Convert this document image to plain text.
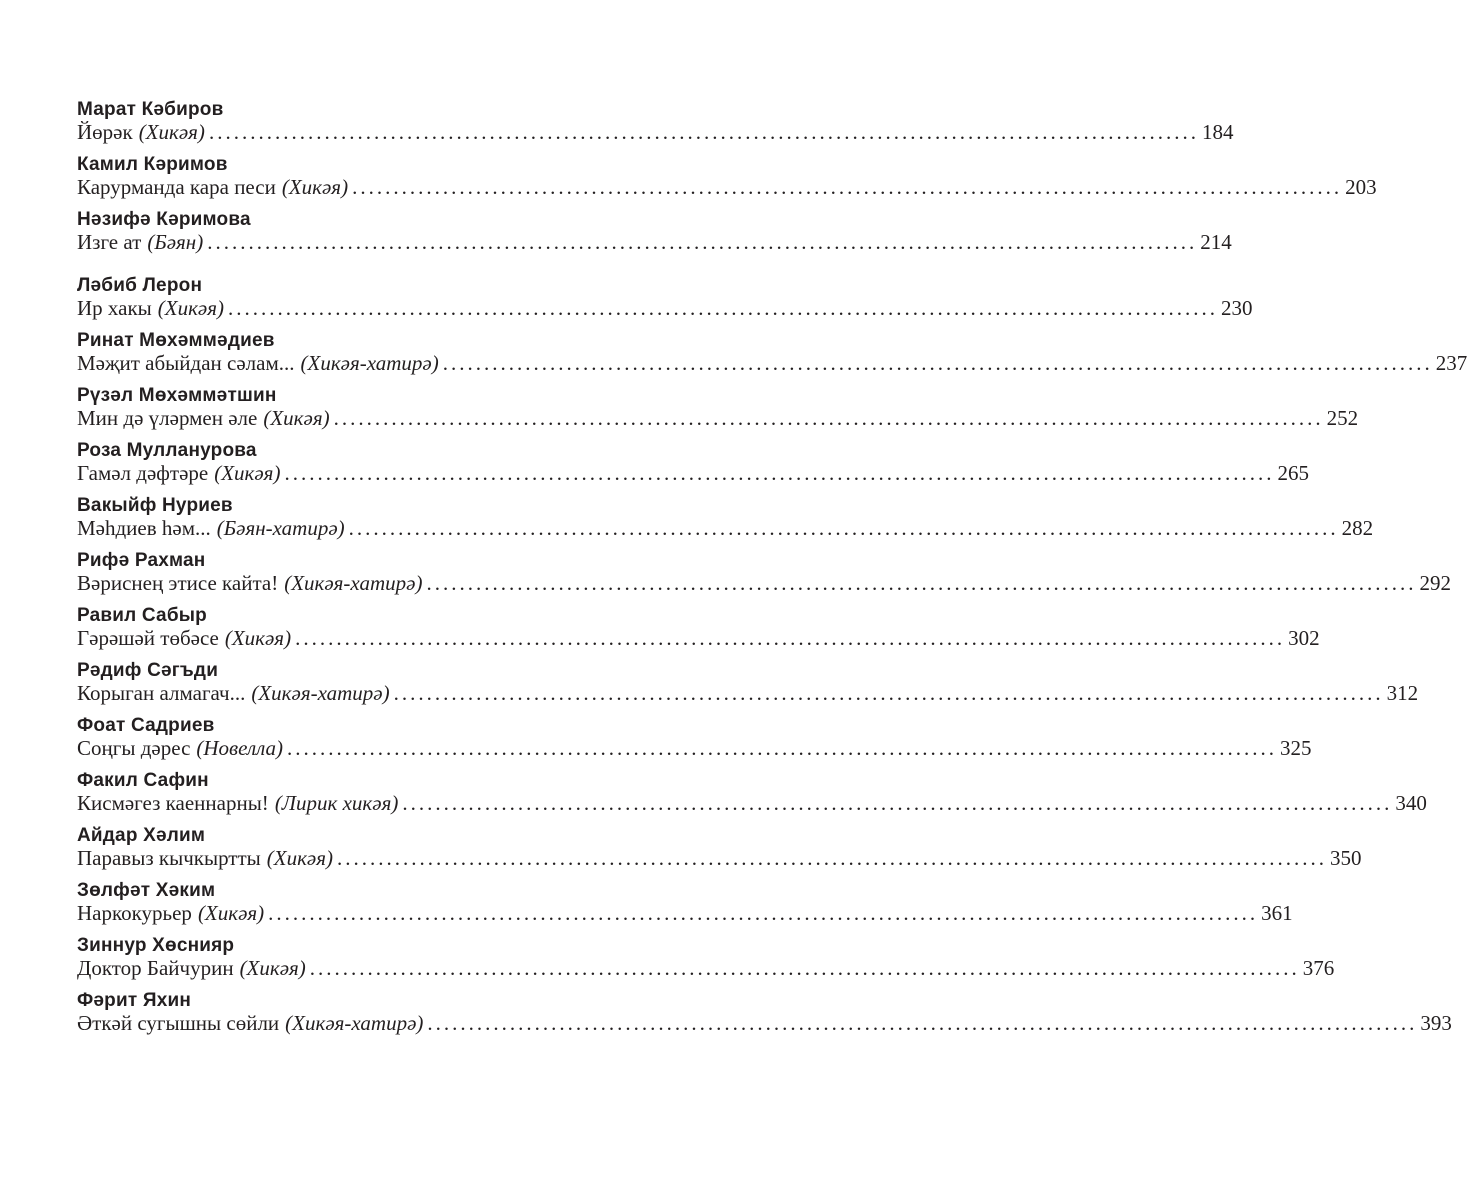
Марат Кәбиров
Йөрәк (Хикәя) ........................................................................................................................ 184
Камил Кәримов
Карурманда кара песи (Хикәя) ........................................................................................................................ 203
Нәзифә Кәримова
Изге ат (Бәян) ........................................................................................................................ 214
Ләбиб Лерон
Ир хакы (Хикәя) ........................................................................................................................ 230
Ринат Мөхәммәдиев
Мәҗит абыйдан сәлам... (Хикәя-хатирә) ........................................................................................................................ 237
Рүзәл Мөхәммәтшин
Мин дә үләрмен әле (Хикәя) ........................................................................................................................ 252
Роза Мулланурова
Гамәл дәфтәре (Хикәя) ........................................................................................................................ 265
Вакыйф Нуриев
Мәһдиев һәм... (Бәян-хатирә) ........................................................................................................................ 282
Рифә Рахман
Вәриснең этисе кайта! (Хикәя-хатирә) ........................................................................................................................ 292
Равил Сабыр
Гәрәшәй төбәсе (Хикәя) ........................................................................................................................ 302
Рәдиф Сәгъди
Корыган алмагач... (Хикәя-хатирә) ........................................................................................................................ 312
Фоат Садриев
Соңгы дәрес (Новелла) ........................................................................................................................ 325
Факил Сафин
Кисмәгез каеннарны! (Лирик хикәя) ........................................................................................................................ 340
Айдар Хәлим
Паравыз кычкыртты (Хикәя) ........................................................................................................................ 350
Зөлфәт Хәким
Наркокурьер (Хикәя) ........................................................................................................................ 361
Зиннур Хөснияр
Доктор Байчурин (Хикәя) ........................................................................................................................ 376
Фәрит Яхин
Әткәй сугышны сөйли (Хикәя-хатирә) ........................................................................................................................ 393
